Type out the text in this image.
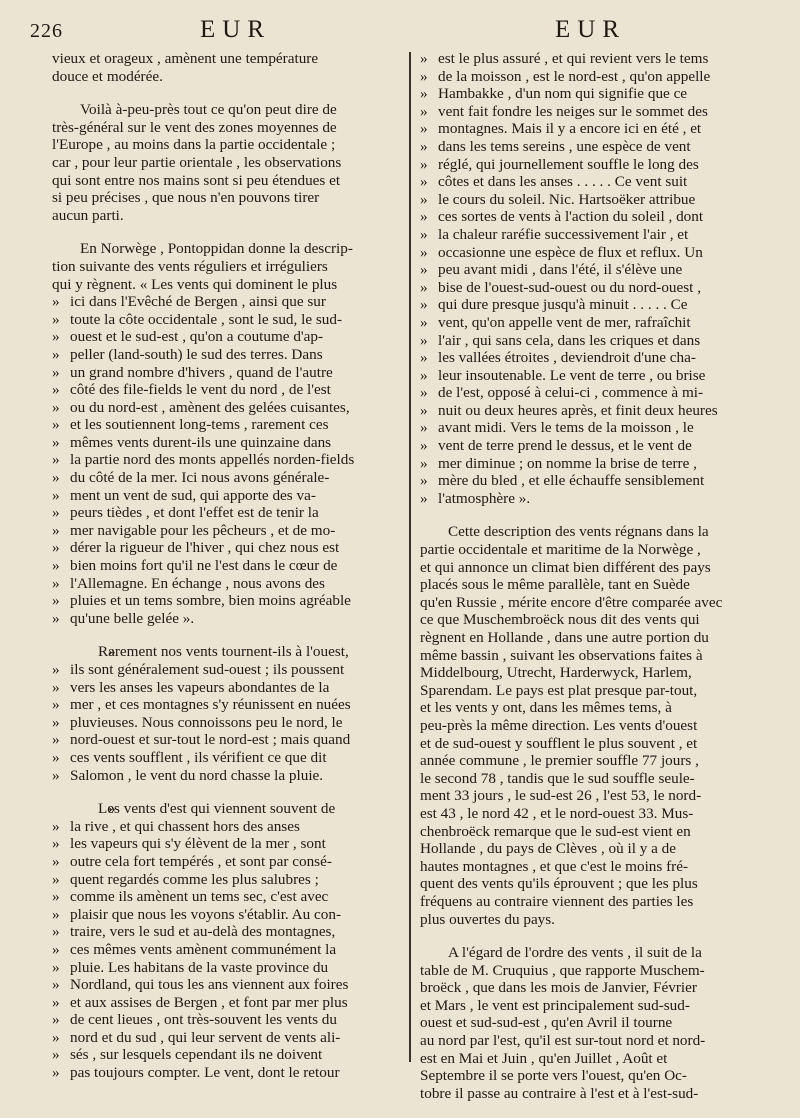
226	EUR	EUR
vieux et orageux , amènent une température
douce et modérée.
Voilà à-peu-près tout ce qu'on peut dire de
très-général sur le vent des zones moyennes de
l'Europe , au moins dans la partie occidentale ;
car , pour leur partie orientale , les observations
qui sont entre nos mains sont si peu étendues et
si peu précises , que nous n'en pouvons tirer
aucun parti.
En Norwège , Pontoppidan donne la descrip-
tion suivante des vents réguliers et irréguliers
qui y règnent. « Les vents qui dominent le plus
» ici dans l'Evêché de Bergen , ainsi que sur
» toute la côte occidentale , sont le sud, le sud-
» ouest et le sud-est , qu'on a coutume d'ap-
» peller (land-south) le sud des terres. Dans
» un grand nombre d'hivers , quand de l'autre
» côté des file-fields le vent du nord , de l'est
» ou du nord-est , amènent des gelées cuisantes,
» et les soutiennent long-tems , rarement ces
» mêmes vents durent-ils une quinzaine dans
» la partie nord des monts appellés norden-fields
» du côté de la mer. Ici nous avons générale-
» ment un vent de sud, qui apporte des va-
» peurs tièdes , et dont l'effet est de tenir la
» mer navigable pour les pêcheurs , et de mo-
» dérer la rigueur de l'hiver , qui chez nous est
» bien moins fort qu'il ne l'est dans le cœur de
» l'Allemagne. En échange , nous avons des
» pluies et un tems sombre, bien moins agréable
» qu'une belle gelée ».
» Rarement nos vents tournent-ils à l'ouest,
» ils sont généralement sud-ouest ; ils poussent
» vers les anses les vapeurs abondantes de la
» mer , et ces montagnes s'y réunissent en nuées
» pluvieuses. Nous connoissons peu le nord, le
» nord-ouest et sur-tout le nord-est ; mais quand
» ces vents soufflent , ils vérifient ce que dit
» Salomon , le vent du nord chasse la pluie.
» Les vents d'est qui viennent souvent de
» la rive , et qui chassent hors des anses
» les vapeurs qui s'y élèvent de la mer , sont
» outre cela fort tempérés , et sont par consé-
» quent regardés comme les plus salubres ;
» comme ils amènent un tems sec, c'est avec
» plaisir que nous les voyons s'établir. Au con-
» traire, vers le sud et au-delà des montagnes,
» ces mêmes vents amènent communément la
» pluie. Les habitans de la vaste province du
» Nordland, qui tous les ans viennent aux foires
» et aux assises de Bergen , et font par mer plus
» de cent lieues , ont très-souvent les vents du
» nord et du sud , qui leur servent de vents ali-
» sés , sur lesquels cependant ils ne doivent
» pas toujours compter. Le vent, dont le retour
» est le plus assuré , et qui revient vers le tems
» de la moisson , est le nord-est , qu'on appelle
» Hambakke , d'un nom qui signifie que ce
» vent fait fondre les neiges sur le sommet des
» montagnes. Mais il y a encore ici en été , et
» dans les tems sereins , une espèce de vent
» réglé, qui journellement souffle le long des
» côtes et dans les anses . . . . . Ce vent suit
» le cours du soleil. Nic. Hartsoëker attribue
» ces sortes de vents à l'action du soleil , dont
» la chaleur raréfie successivement l'air , et
» occasionne une espèce de flux et reflux. Un
» peu avant midi , dans l'été, il s'élève une
» bise de l'ouest-sud-ouest ou du nord-ouest ,
» qui dure presque jusqu'à minuit . . . . . Ce
» vent, qu'on appelle vent de mer, rafraîchit
» l'air , qui sans cela, dans les criques et dans
» les vallées étroites , deviendroit d'une cha-
» leur insoutenable. Le vent de terre , ou brise
» de l'est, opposé à celui-ci , commence à mi-
» nuit ou deux heures après, et finit deux heures
» avant midi. Vers le tems de la moisson , le
» vent de terre prend le dessus, et le vent de
» mer diminue ; on nomme la brise de terre ,
» mère du bled , et elle échauffe sensiblement
» l'atmosphère ».
Cette description des vents régnans dans la
partie occidentale et maritime de la Norwège ,
et qui annonce un climat bien différent des pays
placés sous le même parallèle, tant en Suède
qu'en Russie , mérite encore d'être comparée avec
ce que Muschembroëck nous dit des vents qui
règnent en Hollande , dans une autre portion du
même bassin , suivant les observations faites à
Middelbourg, Utrecht, Harderwyck, Harlem,
Sparendam. Le pays est plat presque par-tout,
et les vents y ont, dans les mêmes tems, à
peu-près la même direction. Les vents d'ouest
et de sud-ouest y soufflent le plus souvent , et
année commune , le premier souffle 77 jours ,
le second 78 , tandis que le sud souffle seule-
ment 33 jours , le sud-est 26 , l'est 53, le nord-
est 43 , le nord 42 , et le nord-ouest 33. Mus-
chenbroëck remarque que le sud-est vient en
Hollande , du pays de Clèves , où il y a de
hautes montagnes , et que c'est le moins fré-
quent des vents qu'ils éprouvent ; que les plus
fréquens au contraire viennent des parties les
plus ouvertes du pays.
A l'égard de l'ordre des vents , il suit de la
table de M. Cruquius , que rapporte Muschem-
broëck , que dans les mois de Janvier, Février
et Mars , le vent est principalement sud-sud-
ouest et sud-sud-est , qu'en Avril il tourne
au nord par l'est, qu'il est sur-tout nord et nord-
est en Mai et Juin , qu'en Juillet , Août et
Septembre il se porte vers l'ouest, qu'en Oc-
tobre il passe au contraire à l'est et à l'est-sud-
